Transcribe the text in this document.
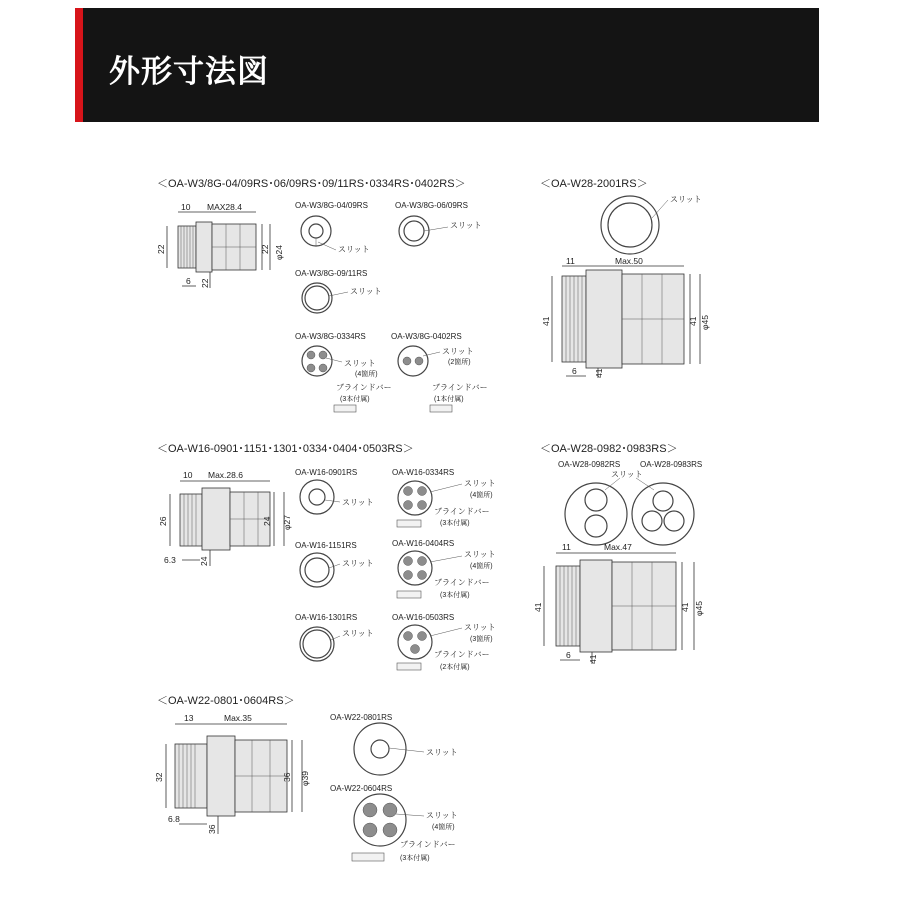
外形寸法図
＜OA-W3/8G-04/09RS･06/09RS･09/11RS･0334RS･0402RS＞
10 MAX28.4
22	22 φ24
6 22
OA-W3/8G-04/09RS
スリット
OA-W3/8G-06/09RS
スリット
OA-W3/8G-09/11RS
スリット
OA-W3/8G-0334RS
スリット
(4箇所)
ブラインドバー
(3本付属)
OA-W3/8G-0402RS
スリット
(2箇所)
ブラインドバー
(1本付属)
＜OA-W28-2001RS＞
スリット
11	Max.50
41	41 φ45
6 41
＜OA-W16-0901･1151･1301･0334･0404･0503RS＞
10 Max.28.6
26	24 φ27
6.3	24
OA-W16-0901RS
スリット
OA-W16-1151RS
スリット
OA-W16-1301RS
スリット
OA-W16-0334RS
スリット
(4箇所)
ブラインドバー
(3本付属)
OA-W16-0404RS
スリット
(4箇所)
ブラインドバー
(3本付属)
OA-W16-0503RS
スリット
(3箇所)
ブラインドバー
(2本付属)
＜OA-W28-0982･0983RS＞
OA-W28-0982RS OA-W28-0983RS
スリット
11	Max.47
41	41 φ45
6 41
＜OA-W22-0801･0604RS＞
13	Max.35
32	36 φ39
6.8
36
OA-W22-0801RS
スリット
OA-W22-0604RS
スリット
(4箇所)
ブラインドバー
(3本付属)
